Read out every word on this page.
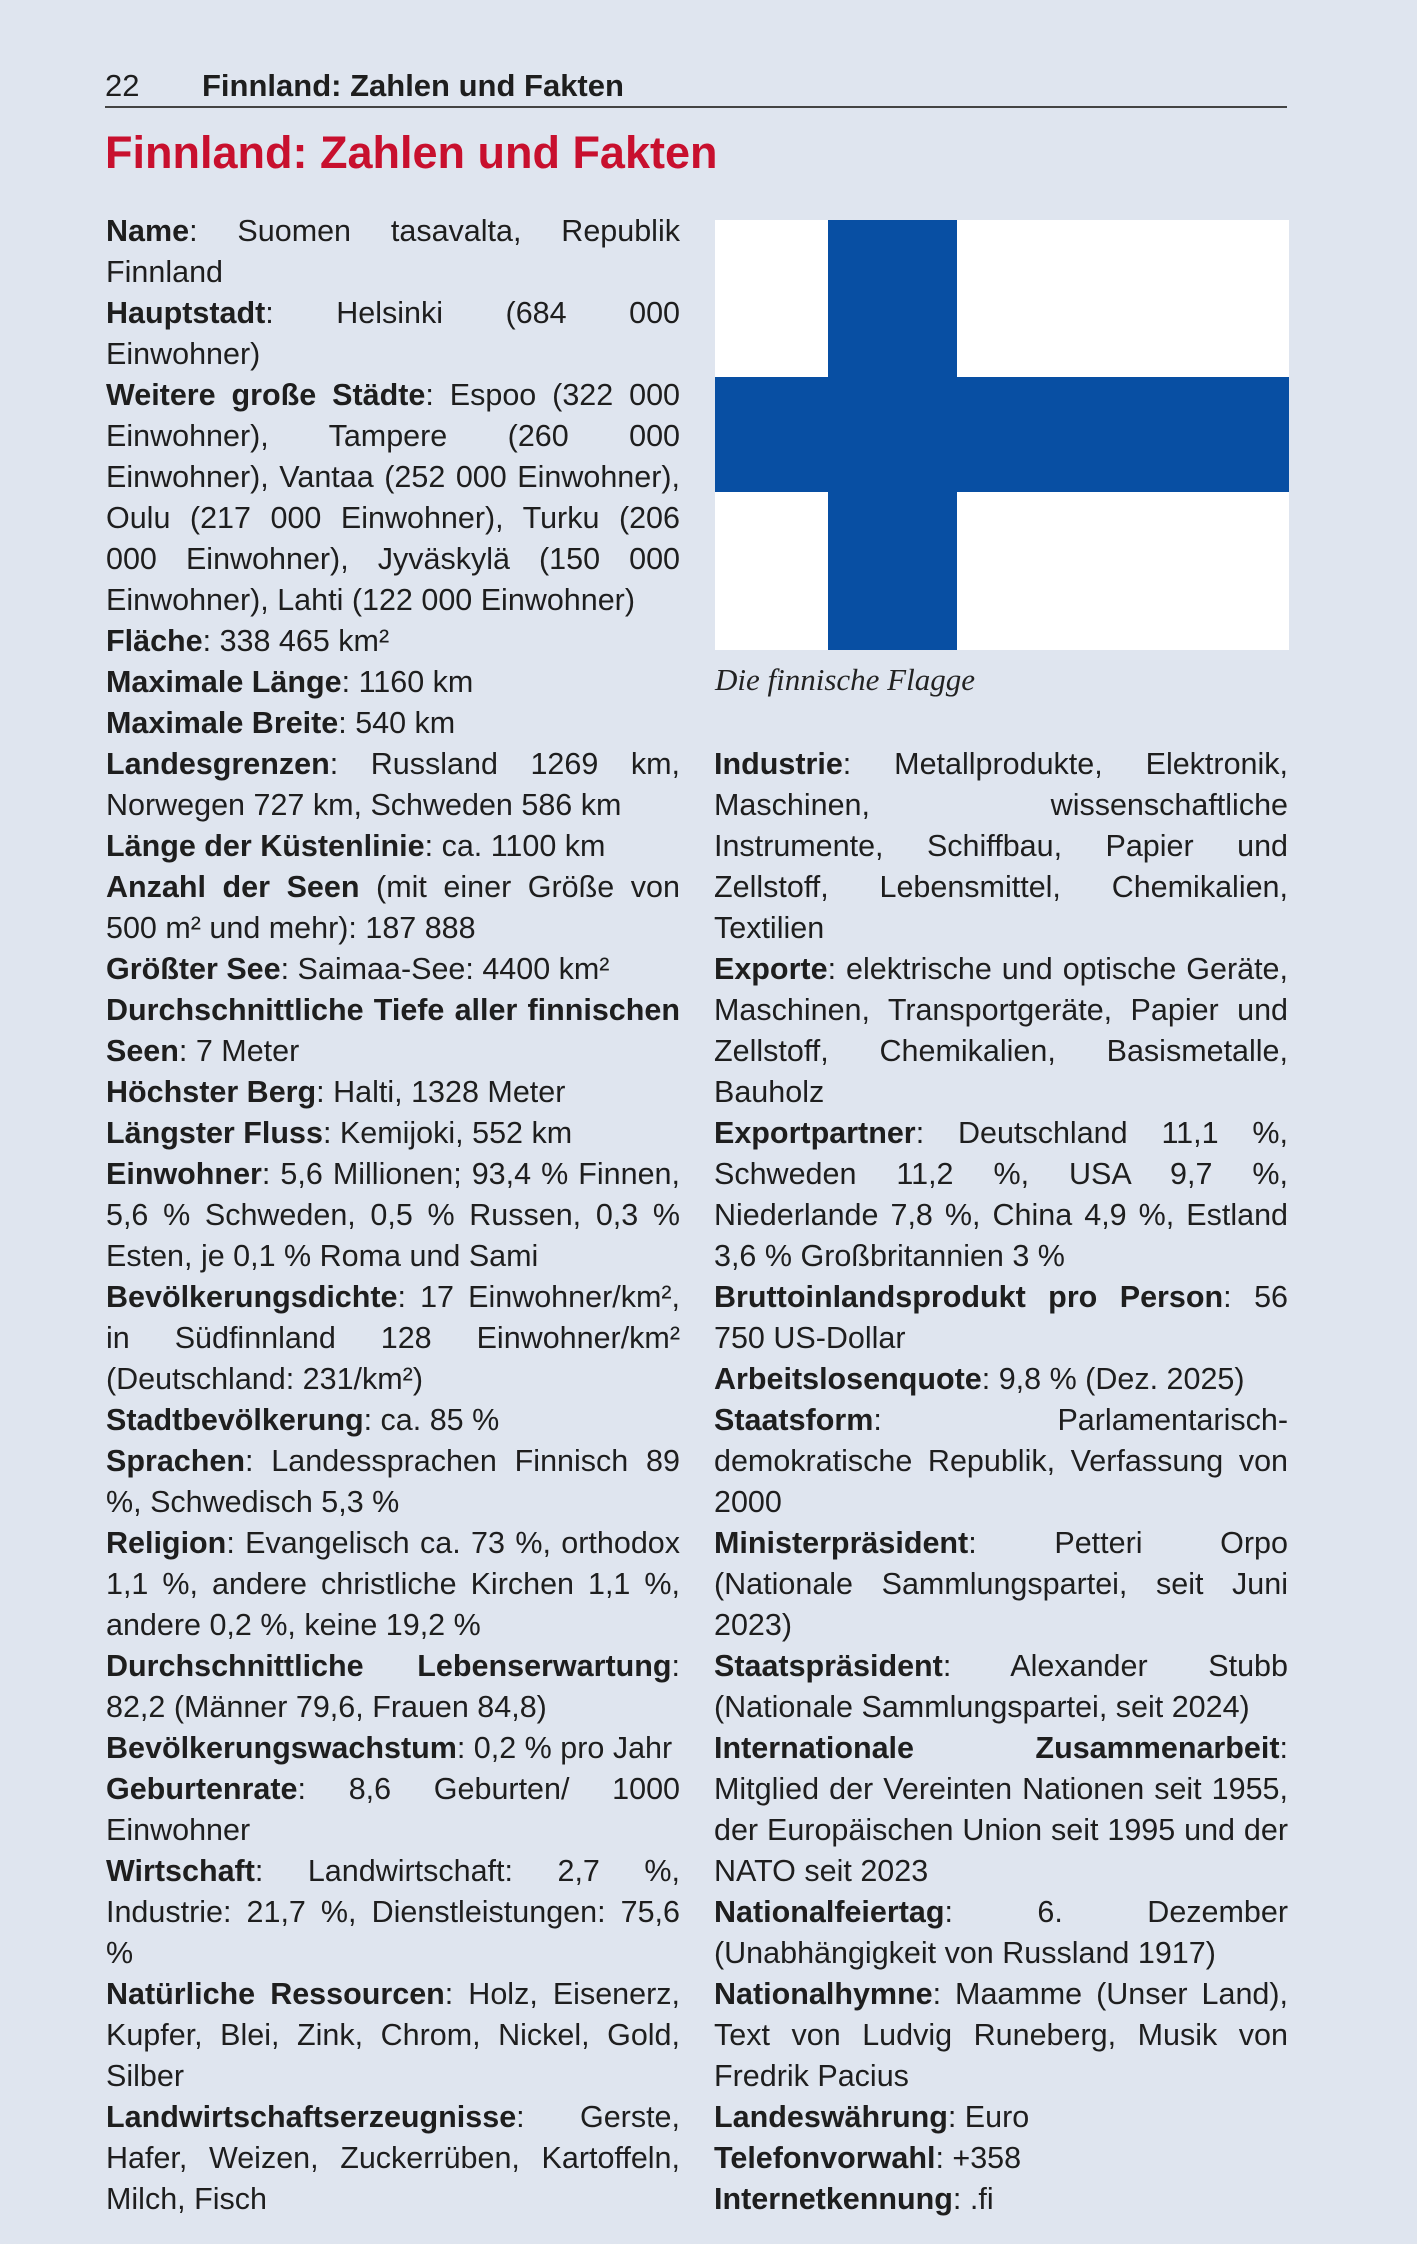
22 Finnland: Zahlen und Fakten
Finnland: Zahlen und Fakten

Name: Suomen tasavalta, Republik Finnland

Hauptstadt: Helsinki (684 000 Einwohner)

Weitere große Städte: Espoo (322 000 Einwohner), Tampere (260 000 Einwohner), Vantaa (252 000 Einwohner), Oulu (217 000 Einwohner), Turku (206 000 Einwohner), Jyväskylä (150 000 Einwohner), Lahti (122 000 Einwohner)

Fläche: 338 465 km²

Maximale Länge: 1160 km

Maximale Breite: 540 km

Landesgrenzen: Russland 1269 km, Norwegen 727 km, Schweden 586 km

Länge der Küstenlinie: ca. 1100 km

Anzahl der Seen (mit einer Größe von 500 m² und mehr): 187 888

Größter See: Saimaa-See: 4400 km²

Durchschnittliche Tiefe aller finnischen Seen: 7 Meter

Höchster Berg: Halti, 1328 Meter

Längster Fluss: Kemijoki, 552 km

Einwohner: 5,6 Millionen; 93,4 % Finnen, 5,6 % Schweden, 0,5 % Russen, 0,3 % Esten, je 0,1 % Roma und Sami

Bevölkerungsdichte: 17 Einwohner/km², in Südfinnland 128 Einwohner/km² (Deutschland: 231/km²)

Stadtbevölkerung: ca. 85 %

Sprachen: Landessprachen Finnisch 89 %, Schwedisch 5,3 %

Religion: Evangelisch ca. 73 %, orthodox 1,1 %, andere christliche Kirchen 1,1 %, andere 0,2 %, keine 19,2 %

Durchschnittliche Lebenserwartung: 82,2 (Männer 79,6, Frauen 84,8)

Bevölkerungswachstum: 0,2 % pro Jahr

Geburtenrate: 8,6 Geburten/ 1000 Einwohner

Wirtschaft: Landwirtschaft: 2,7 %, Industrie: 21,7 %, Dienstleistungen: 75,6 %

Natürliche Ressourcen: Holz, Eisenerz, Kupfer, Blei, Zink, Chrom, Nickel, Gold, Silber

Landwirtschaftserzeugnisse: Gerste, Hafer, Weizen, Zuckerrüben, Kartoffeln, Milch, Fisch

Die finnische Flagge

Industrie: Metallprodukte, Elektronik, Maschinen, wissenschaftliche Instrumente, Schiffbau, Papier und Zellstoff, Lebensmittel, Chemikalien, Textilien

Exporte: elektrische und optische Geräte, Maschinen, Transportgeräte, Papier und Zellstoff, Chemikalien, Basismetalle, Bauholz

Exportpartner: Deutschland 11,1 %, Schweden 11,2 %, USA 9,7 %, Niederlande 7,8 %, China 4,9 %, Estland 3,6 % Großbritannien 3 %

Bruttoinlandsprodukt pro Person: 56 750 US-Dollar

Arbeitslosenquote: 9,8 % (Dez. 2025)

Staatsform: Parlamentarisch-demokratische Republik, Verfassung von 2000

Ministerpräsident: Petteri Orpo (Nationale Sammlungspartei, seit Juni 2023)

Staatspräsident: Alexander Stubb (Nationale Sammlungspartei, seit 2024)

Internationale Zusammenarbeit: Mitglied der Vereinten Nationen seit 1955, der Europäischen Union seit 1995 und der NATO seit 2023

Nationalfeiertag: 6. Dezember (Unabhängigkeit von Russland 1917)

Nationalhymne: Maamme (Unser Land), Text von Ludvig Runeberg, Musik von Fredrik Pacius

Landeswährung: Euro

Telefonvorwahl: +358

Internetkennung: .fi
